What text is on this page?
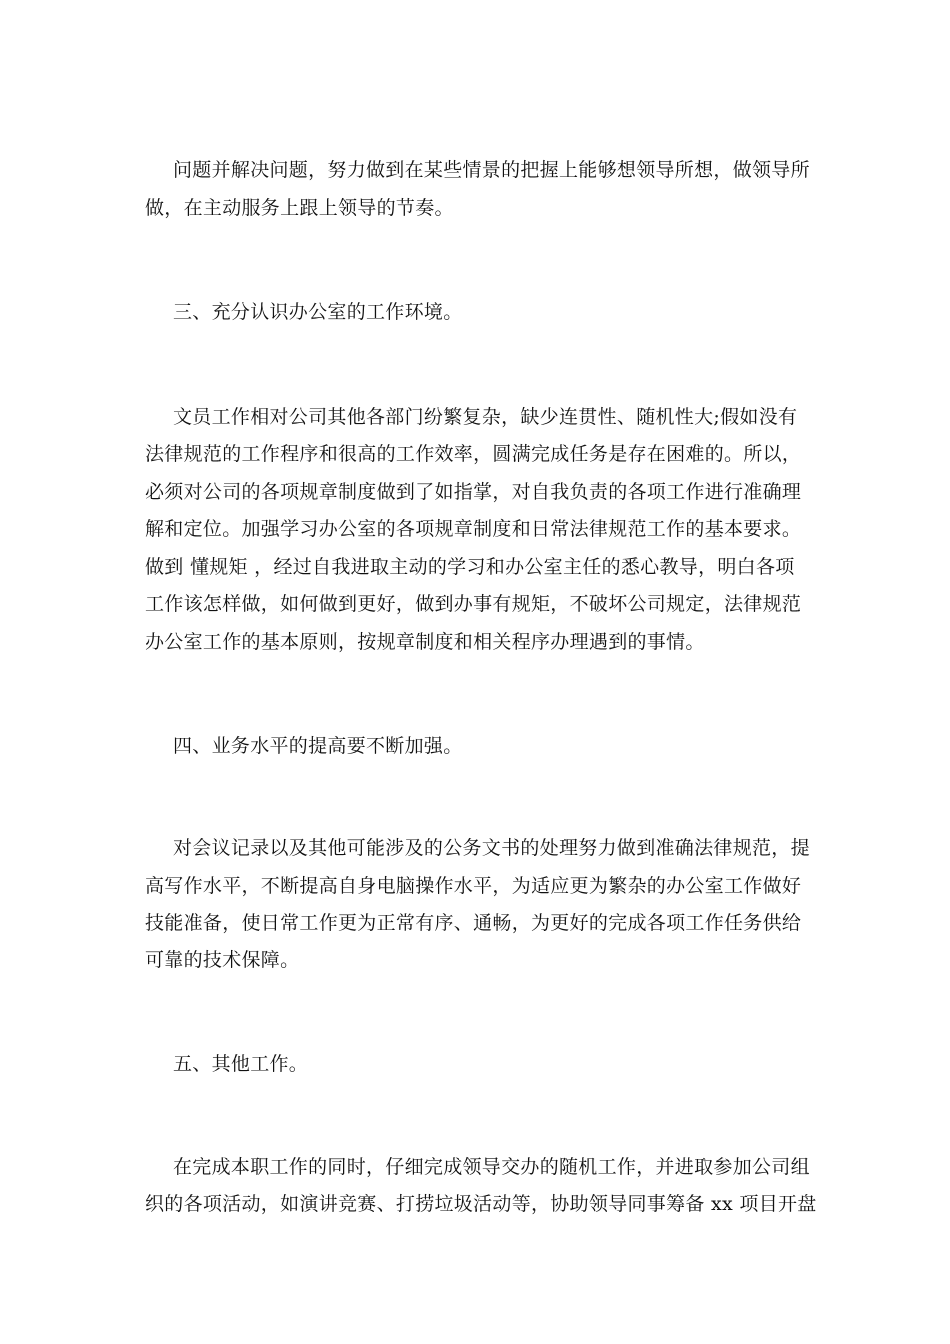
问题并解决问题，努力做到在某些情景的把握上能够想领导所想，做领导所
做，在主动服务上跟上领导的节奏。
三、充分认识办公室的工作环境。
文员工作相对公司其他各部门纷繁复杂，缺少连贯性、随机性大;假如没有
法律规范的工作程序和很高的工作效率，圆满完成任务是存在困难的。所以，
必须对公司的各项规章制度做到了如指掌，对自我负责的各项工作进行准确理
解和定位。加强学习办公室的各项规章制度和日常法律规范工作的基本要求。
做到 懂规矩 ，经过自我进取主动的学习和办公室主任的悉心教导，明白各项
工作该怎样做，如何做到更好，做到办事有规矩，不破坏公司规定，法律规范
办公室工作的基本原则，按规章制度和相关程序办理遇到的事情。
四、业务水平的提高要不断加强。
对会议记录以及其他可能涉及的公务文书的处理努力做到准确法律规范，提
高写作水平，不断提高自身电脑操作水平，为适应更为繁杂的办公室工作做好
技能准备，使日常工作更为正常有序、通畅，为更好的完成各项工作任务供给
可靠的技术保障。
五、其他工作。
在完成本职工作的同时，仔细完成领导交办的随机工作，并进取参加公司组
织的各项活动，如演讲竞赛、打捞垃圾活动等，协助领导同事筹备 xx 项目开盘
